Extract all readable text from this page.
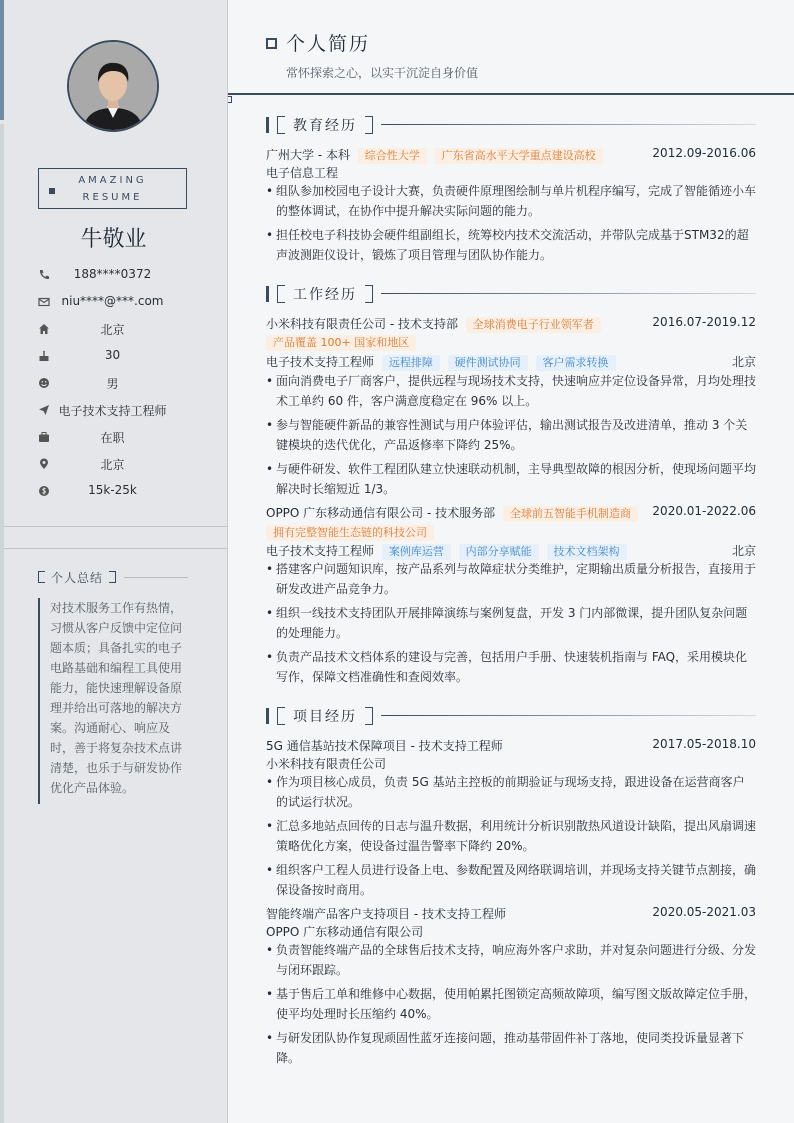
AMAZING
RESUME
牛敬业
188****0372
niu****@***.com
北京
30
男
电子技术支持工程师
在职
北京
15k-25k
个人总结
对技术服务工作有热情，习惯从客户反馈中定位问题本质；具备扎实的电子电路基础和编程工具使用能力，能快速理解设备原理并给出可落地的解决方案。沟通耐心、响应及时，善于将复杂技术点讲清楚，也乐于与研发协作优化产品体验。
个人简历
常怀探索之心，以实干沉淀自身价值
教育经历
广州大学 - 本科 综合性大学 广东省高水平大学重点建设高校	2012.09-2016.06
电子信息工程
• 组队参加校园电子设计大赛，负责硬件原理图绘制与单片机程序编写，完成了智能循迹小车的整体调试，在协作中提升解决实际问题的能力。
• 担任校电子科技协会硬件组副组长，统筹校内技术交流活动，并带队完成基于STM32的超声波测距仪设计，锻炼了项目管理与团队协作能力。
工作经历
小米科技有限责任公司 - 技术支持部 全球消费电子行业领军者	2016.07-2019.12
产品覆盖 100+ 国家和地区
电子技术支持工程师 远程排障 硬件测试协同 客户需求转换	北京
• 面向消费电子厂商客户，提供远程与现场技术支持，快速响应并定位设备异常，月均处理技术工单约 60 件，客户满意度稳定在 96% 以上。
• 参与智能硬件新品的兼容性测试与用户体验评估，输出测试报告及改进清单，推动 3 个关键模块的迭代优化，产品返修率下降约 25%。
• 与硬件研发、软件工程团队建立快速联动机制，主导典型故障的根因分析，使现场问题平均解决时长缩短近 1/3。
OPPO 广东移动通信有限公司 - 技术服务部 全球前五智能手机制造商 2020.01-2022.06
拥有完整智能生态链的科技公司
电子技术支持工程师 案例库运营 内部分享赋能 技术文档架构	北京
• 搭建客户问题知识库，按产品系列与故障症状分类维护，定期输出质量分析报告，直接用于研发改进产品竞争力。
• 组织一线技术支持团队开展排障演练与案例复盘，开发 3 门内部微课，提升团队复杂问题的处理能力。
• 负责产品技术文档体系的建设与完善，包括用户手册、快速装机指南与 FAQ，采用模块化写作，保障文档准确性和查阅效率。
项目经历
5G 通信基站技术保障项目 - 技术支持工程师	2017.05-2018.10
小米科技有限责任公司
• 作为项目核心成员，负责 5G 基站主控板的前期验证与现场支持，跟进设备在运营商客户的试运行状况。
• 汇总多地站点回传的日志与温升数据，利用统计分析识别散热风道设计缺陷，提出风扇调速策略优化方案，使设备过温告警率下降约 20%。
• 组织客户工程人员进行设备上电、参数配置及网络联调培训，并现场支持关键节点割接，确保设备按时商用。
智能终端产品客户支持项目 - 技术支持工程师	2020.05-2021.03
OPPO 广东移动通信有限公司
• 负责智能终端产品的全球售后技术支持，响应海外客户求助，并对复杂问题进行分级、分发与闭环跟踪。
• 基于售后工单和维修中心数据，使用帕累托图锁定高频故障项，编写图文版故障定位手册，使平均处理时长压缩约 40%。
• 与研发团队协作复现顽固性蓝牙连接问题，推动基带固件补丁落地，使同类投诉量显著下降。
